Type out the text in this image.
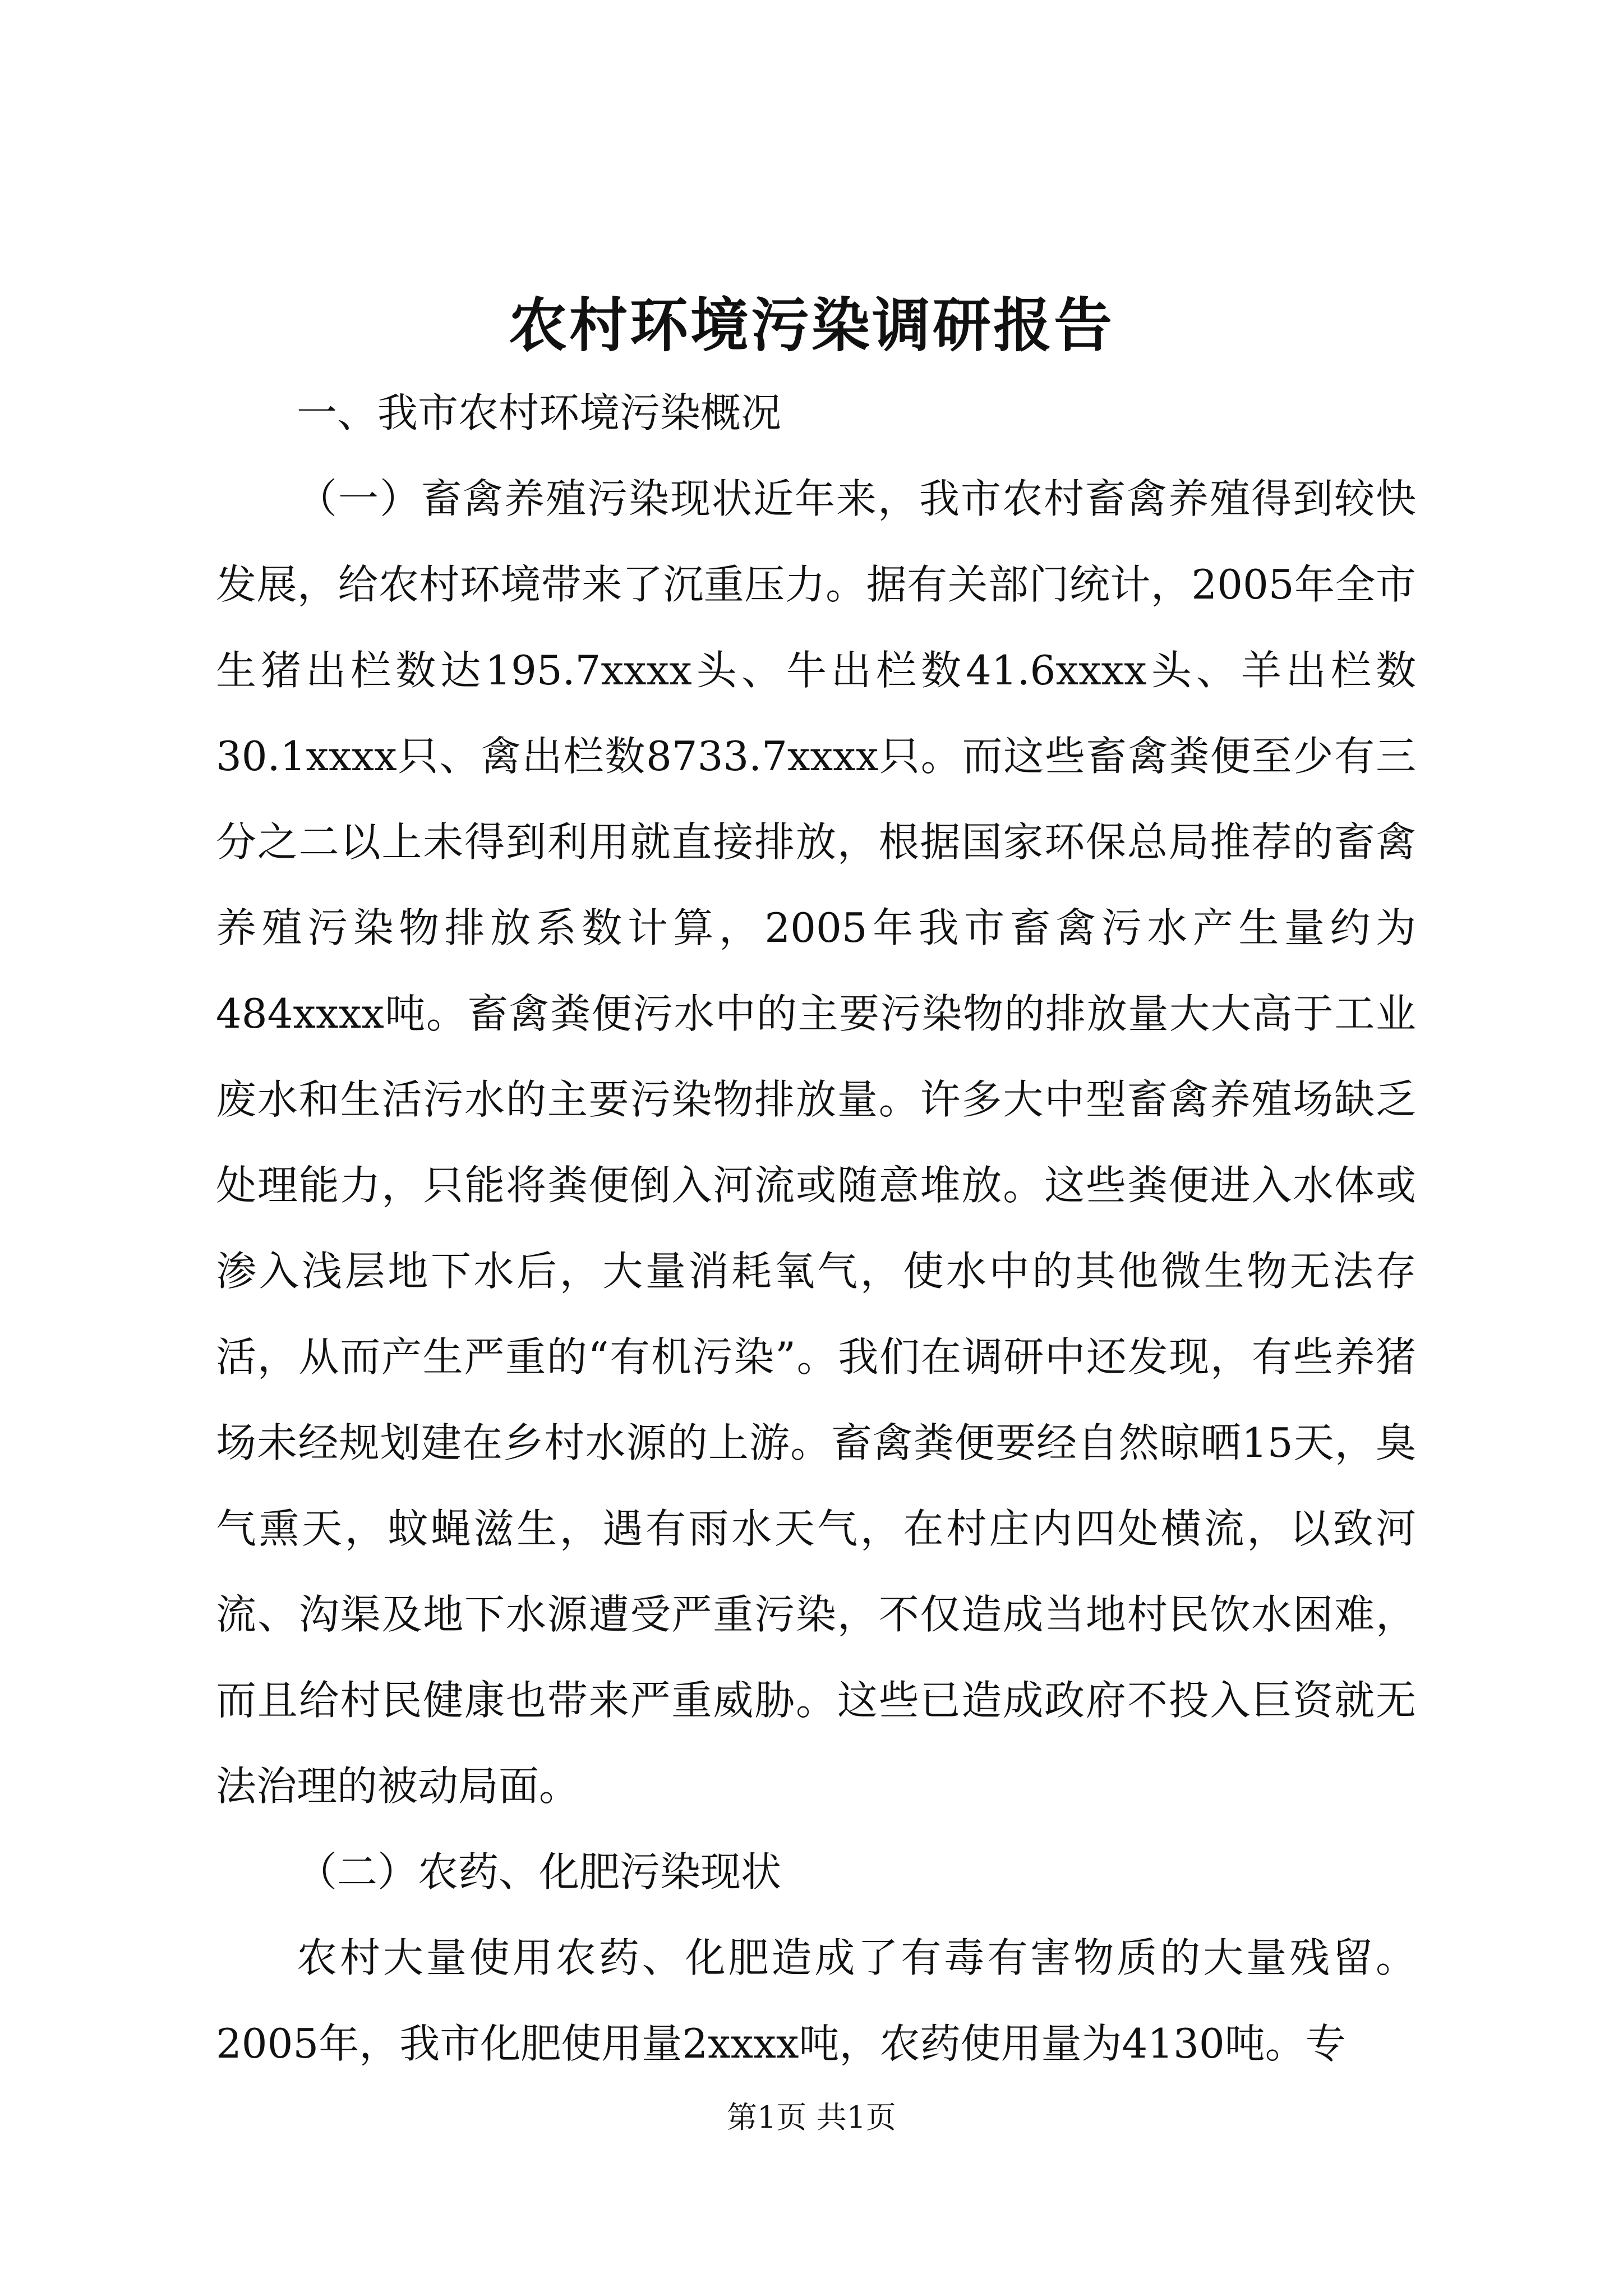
农村环境污染调研报告

一、我市农村环境污染概况

（一）畜禽养殖污染现状近年来，我市农村畜禽养殖得到较快发展，给农村环境带来了沉重压力。据有关部门统计，2005年全市生猪出栏数达195.7xxxx头、牛出栏数41.6xxxx头、羊出栏数30.1xxxx只、禽出栏数8733.7xxxx只。而这些畜禽粪便至少有三分之二以上未得到利用就直接排放，根据国家环保总局推荐的畜禽养殖污染物排放系数计算，2005年我市畜禽污水产生量约为484xxxx吨。畜禽粪便污水中的主要污染物的排放量大大高于工业废水和生活污水的主要污染物排放量。许多大中型畜禽养殖场缺乏处理能力，只能将粪便倒入河流或随意堆放。这些粪便进入水体或渗入浅层地下水后，大量消耗氧气，使水中的其他微生物无法存活，从而产生严重的“有机污染”。我们在调研中还发现，有些养猪场未经规划建在乡村水源的上游。畜禽粪便要经自然晾晒15天，臭气熏天，蚊蝇滋生，遇有雨水天气，在村庄内四处横流，以致河流、沟渠及地下水源遭受严重污染，不仅造成当地村民饮水困难，而且给村民健康也带来严重威胁。这些已造成政府不投入巨资就无法治理的被动局面。

（二）农药、化肥污染现状

农村大量使用农药、化肥造成了有毒有害物质的大量残留。2005年，我市化肥使用量2xxxx吨，农药使用量为4130吨。专

第1页 共1页
